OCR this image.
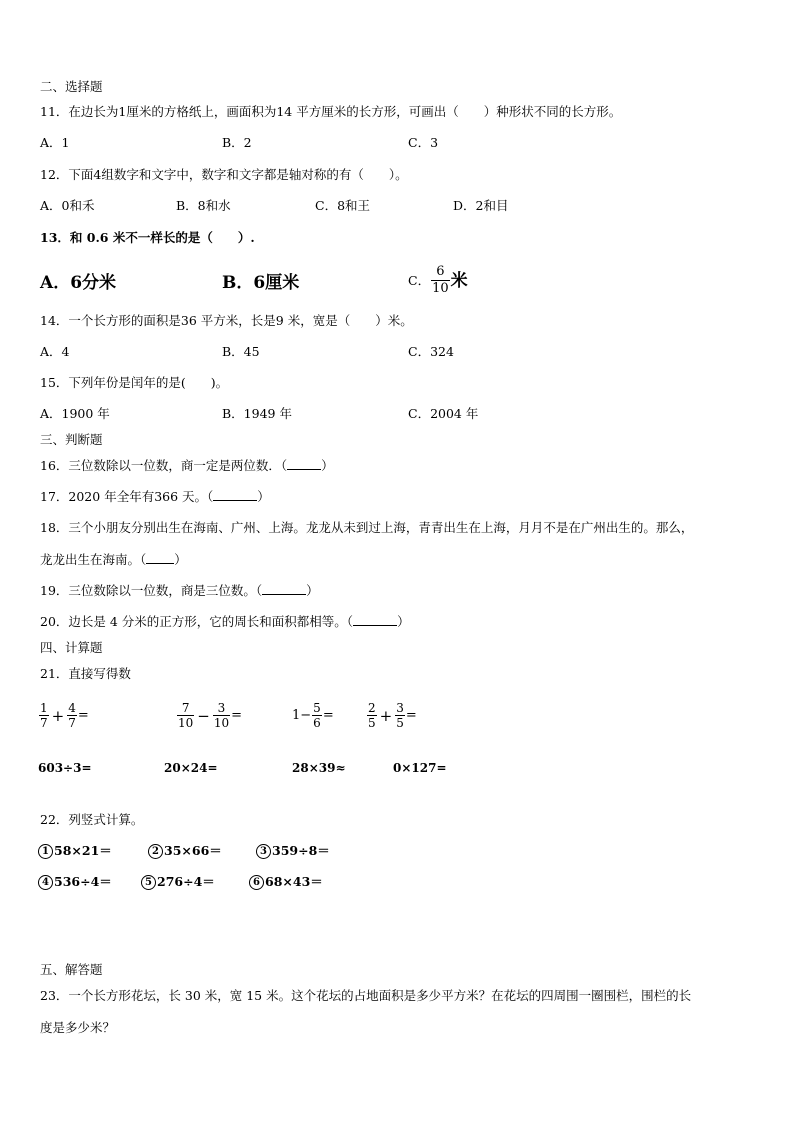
二、选择题
11．在边长为1厘米的方格纸上，画面积为14 平方厘米的长方形，可画出（　　）种形状不同的长方形。
A．1	B．2	C．3
12．下面4组数字和文字中，数字和文字都是轴对称的有（　　）。
A．0和禾	B．8和水	C．8和王	D．2和目
13．和 0.6 米不一样长的是（　　）.
A．6分米	B．6厘米	C． $\frac{6}{10}$ 米
14．一个长方形的面积是36 平方米，长是9 米，宽是（　　）米。
A．4	B．45	C．324
15．下列年份是闰年的是(　　)。
A．1900 年	B．1949 年	C．2004 年
三、判断题
16．三位数除以一位数，商一定是两位数．（	）
17．2020 年全年有366 天。（	）
18．三个小朋友分别出生在海南、广州、上海。龙龙从未到过上海，青青出生在上海，月月不是在广州出生的。那么，
龙龙出生在海南。（ ）
19．三位数除以一位数，商是三位数。（	）
20．边长是 4 分米的正方形，它的周长和面积都相等。（	）
四、计算题
21．直接写得数
$\frac{1}{7} + \frac{4}{7}$ =	$\frac{7}{10} - \frac{3}{10}$ =	$1- \frac{5}{6}$ =	$\frac{2}{5} + \frac{3}{5}$ =
603÷3=	20×24=	28×39≈	0×127=
22．列竖式计算。
1 58×21＝	2 35×66＝	3 359÷8＝
4 536÷4＝	5 276÷4＝	6 68×43＝
五、解答题
23．一个长方形花坛，长 30 米，宽 15 米。这个花坛的占地面积是多少平方米？在花坛的四周围一圈围栏，围栏的长
度是多少米？
